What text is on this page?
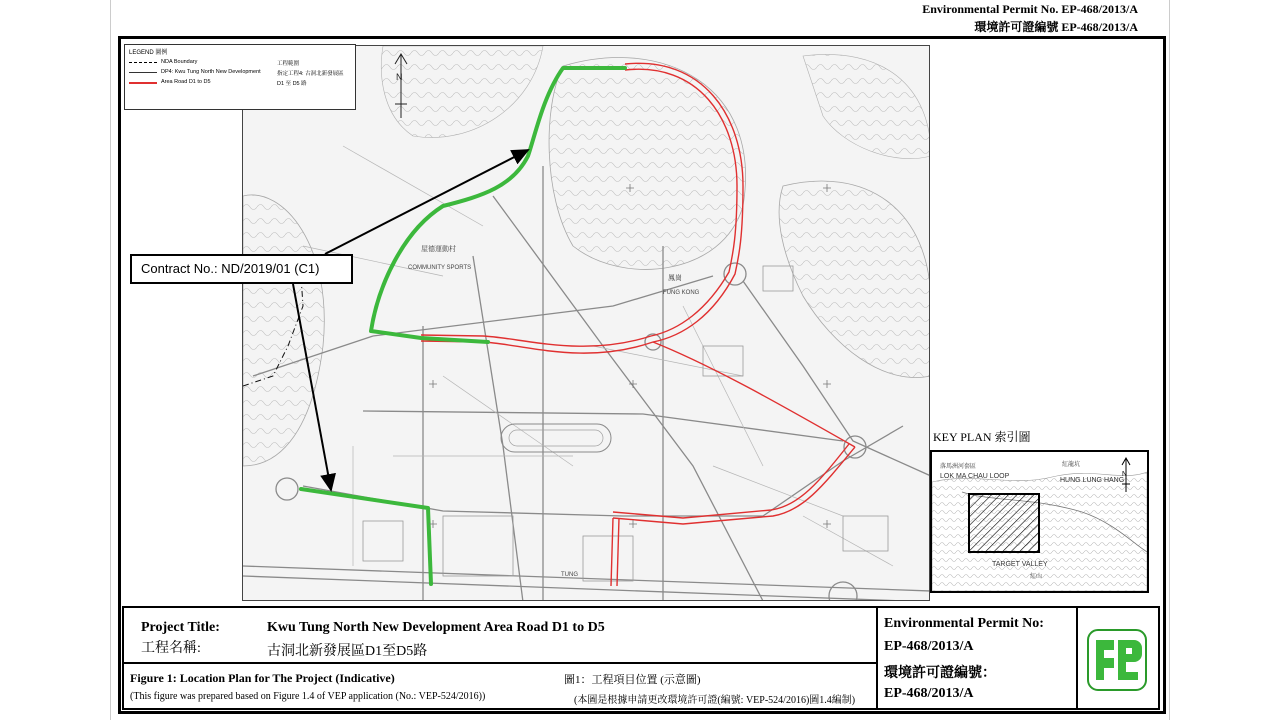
Environmental Permit No. EP-468/2013/A
環境許可證編號 EP-468/2013/A
N
屋德運動村
COMMUNITY SPORTS
鳳崗
FUNG KONG
TUNG
LEGEND 圖例
NDA Boundary	工程範圍
DP4: Kwu Tung North New Development	指定工程4: 古洞北新發展區
Area Road D1 to D5	D1 至 D5 路
Contract No.: ND/2019/01 (C1)
KEY PLAN 索引圖
落馬洲河套區
LOK MA CHAU LOOP
紅龍坑
HUNG LUNG HANG
TARGET VALLEY
紅山
N
Project Title:
工程名稱:
Kwu Tung North New Development Area Road D1 to D5
古洞北新發展區D1至D5路
Figure 1: Location Plan for The Project (Indicative)
(This figure was prepared based on Figure 1.4 of VEP application (No.: VEP-524/2016))
圖1：工程項目位置 (示意圖)
(本圖是根據申請更改環境許可證(編號: VEP-524/2016)圖1.4編制)
Environmental Permit No:
EP-468/2013/A
環境許可證編號：
EP-468/2013/A
